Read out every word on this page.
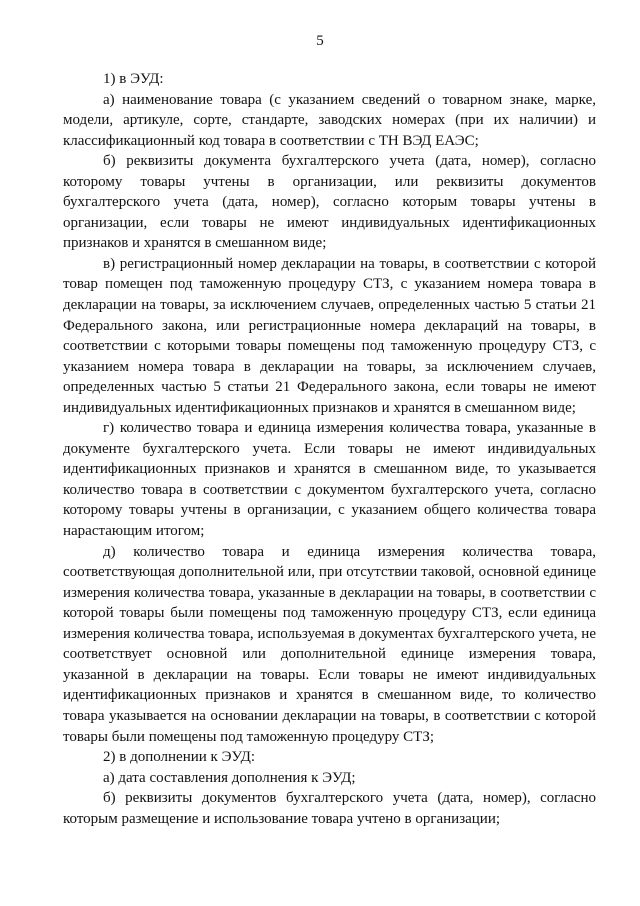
5

1) в ЭУД:

а) наименование товара (с указанием сведений о товарном знаке, марке, модели, артикуле, сорте, стандарте, заводских номерах (при их наличии) и классификационный код товара в соответствии с ТН ВЭД ЕАЭС;

б) реквизиты документа бухгалтерского учета (дата, номер), согласно которому товары учтены в организации, или реквизиты документов бухгалтерского учета (дата, номер), согласно которым товары учтены в организации, если товары не имеют индивидуальных идентификационных признаков и хранятся в смешанном виде;

в) регистрационный номер декларации на товары, в соответствии с которой товар помещен под таможенную процедуру СТЗ, с указанием номера товара в декларации на товары, за исключением случаев, определенных частью 5 статьи 21 Федерального закона, или регистрационные номера деклараций на товары, в соответствии с которыми товары помещены под таможенную процедуру СТЗ, с указанием номера товара в декларации на товары, за исключением случаев, определенных частью 5 статьи 21 Федерального закона, если товары не имеют индивидуальных идентификационных признаков и хранятся в смешанном виде;

г) количество товара и единица измерения количества товара, указанные в документе бухгалтерского учета. Если товары не имеют индивидуальных идентификационных признаков и хранятся в смешанном виде, то указывается количество товара в соответствии с документом бухгалтерского учета, согласно которому товары учтены в организации, с указанием общего количества товара нарастающим итогом;

д) количество товара и единица измерения количества товара, соответствующая дополнительной или, при отсутствии таковой, основной единице измерения количества товара, указанные в декларации на товары, в соответствии с которой товары были помещены под таможенную процедуру СТЗ, если единица измерения количества товара, используемая в документах бухгалтерского учета, не соответствует основной или дополнительной единице измерения товара, указанной в декларации на товары. Если товары не имеют индивидуальных идентификационных признаков и хранятся в смешанном виде, то количество товара указывается на основании декларации на товары, в соответствии с которой товары были помещены под таможенную процедуру СТЗ;

2) в дополнении к ЭУД:

а) дата составления дополнения к ЭУД;

б) реквизиты документов бухгалтерского учета (дата, номер), согласно которым размещение и использование товара учтено в организации;
